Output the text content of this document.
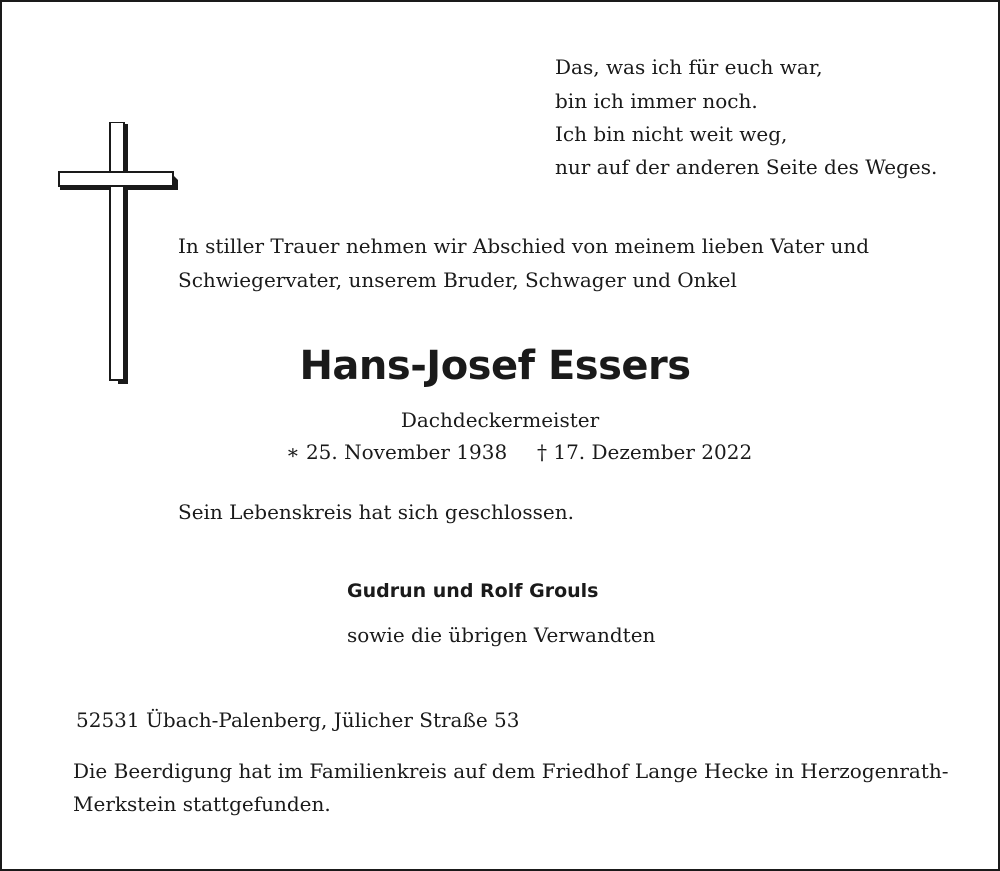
Das, was ich für euch war,
bin ich immer noch.
Ich bin nicht weit weg,
nur auf der anderen Seite des Weges.
In stiller Trauer nehmen wir Abschied von meinem lieben Vater und
Schwiegervater, unserem Bruder, Schwager und Onkel
Hans-Josef Essers
Dachdeckermeister
∗ 25. November 1938 † 17. Dezember 2022
Sein Lebenskreis hat sich geschlossen.
Gudrun und Rolf Grouls
sowie die übrigen Verwandten
52531 Übach-Palenberg, Jülicher Straße 53
Die Beerdigung hat im Familienkreis auf dem Friedhof Lange Hecke in Herzogenrath-
Merkstein stattgefunden.
